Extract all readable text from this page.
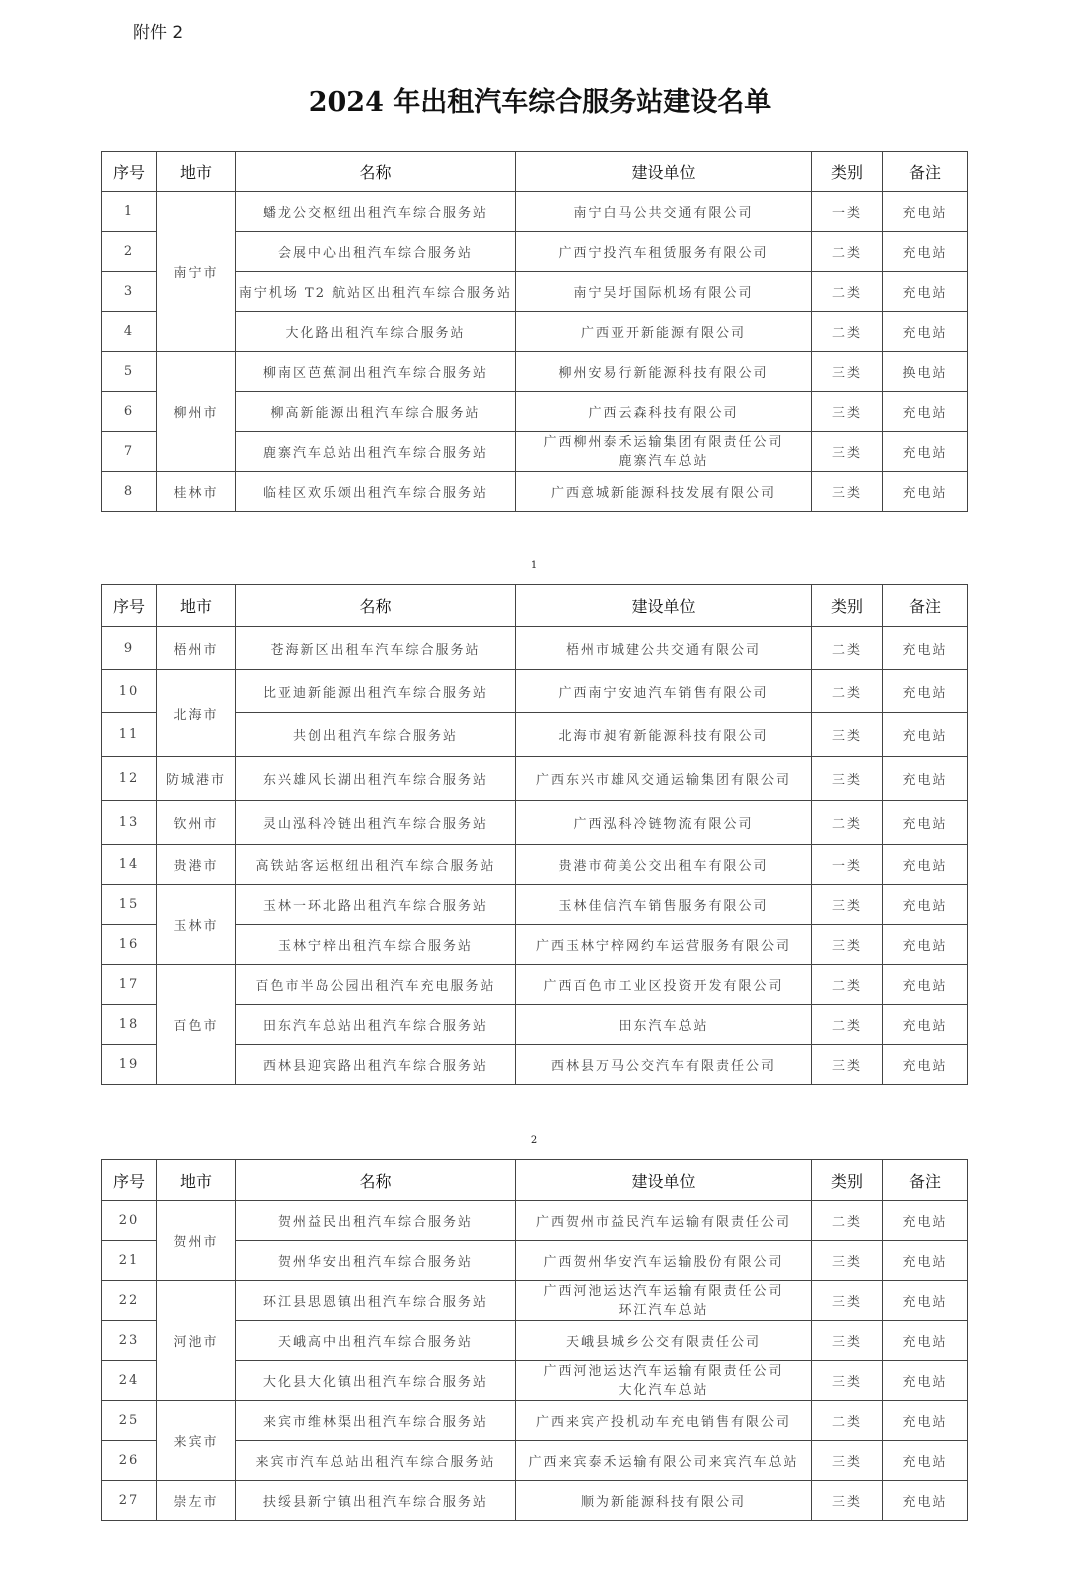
附件 2
2024 年出租汽车综合服务站建设名单
序号	地市	名称	建设单位	类别	备注
1	南宁市	蟠龙公交枢纽出租汽车综合服务站	南宁白马公共交通有限公司	一类	充电站
2		会展中心出租汽车综合服务站	广西宁投汽车租赁服务有限公司	二类	充电站
3		南宁机场 T2 航站区出租汽车综合服务站	南宁吴圩国际机场有限公司	二类	充电站
4		大化路出租汽车综合服务站	广西亚开新能源有限公司	二类	充电站
5	柳州市	柳南区芭蕉洞出租汽车综合服务站	柳州安易行新能源科技有限公司	三类	换电站
6		柳高新能源出租汽车综合服务站	广西云森科技有限公司	三类	充电站
7		鹿寨汽车总站出租汽车综合服务站	广西柳州泰禾运输集团有限责任公司
鹿寨汽车总站	三类	充电站
8	桂林市	临桂区欢乐颂出租汽车综合服务站	广西意城新能源科技发展有限公司	三类	充电站
1
序号	地市	名称	建设单位	类别	备注
9	梧州市	苍海新区出租车汽车综合服务站	梧州市城建公共交通有限公司	二类	充电站
10	北海市	比亚迪新能源出租汽车综合服务站	广西南宁安迪汽车销售有限公司	二类	充电站
11		共创出租汽车综合服务站	北海市昶宥新能源科技有限公司	三类	充电站
12	防城港市	东兴雄风长湖出租汽车综合服务站	广西东兴市雄风交通运输集团有限公司	三类	充电站
13	钦州市	灵山泓科冷链出租汽车综合服务站	广西泓科冷链物流有限公司	二类	充电站
14	贵港市	高铁站客运枢纽出租汽车综合服务站	贵港市荷美公交出租车有限公司	一类	充电站
15	玉林市	玉林一环北路出租汽车综合服务站	玉林佳信汽车销售服务有限公司	三类	充电站
16		玉林宁梓出租汽车综合服务站	广西玉林宁梓网约车运营服务有限公司	三类	充电站
17	百色市	百色市半岛公园出租汽车充电服务站	广西百色市工业区投资开发有限公司	二类	充电站
18		田东汽车总站出租汽车综合服务站	田东汽车总站	二类	充电站
19		西林县迎宾路出租汽车综合服务站	西林县万马公交汽车有限责任公司	三类	充电站
2
序号	地市	名称	建设单位	类别	备注
20	贺州市	贺州益民出租汽车综合服务站	广西贺州市益民汽车运输有限责任公司	二类	充电站
21		贺州华安出租汽车综合服务站	广西贺州华安汽车运输股份有限公司	三类	充电站
22	河池市	环江县思恩镇出租汽车综合服务站	广西河池运达汽车运输有限责任公司
环江汽车总站	三类	充电站
23		天峨高中出租汽车综合服务站	天峨县城乡公交有限责任公司	三类	充电站
24		大化县大化镇出租汽车综合服务站	广西河池运达汽车运输有限责任公司
大化汽车总站	三类	充电站
25	来宾市	来宾市维林渠出租汽车综合服务站	广西来宾产投机动车充电销售有限公司	二类	充电站
26		来宾市汽车总站出租汽车综合服务站	广西来宾泰禾运输有限公司来宾汽车总站	三类	充电站
27	崇左市	扶绥县新宁镇出租汽车综合服务站	顺为新能源科技有限公司	三类	充电站
